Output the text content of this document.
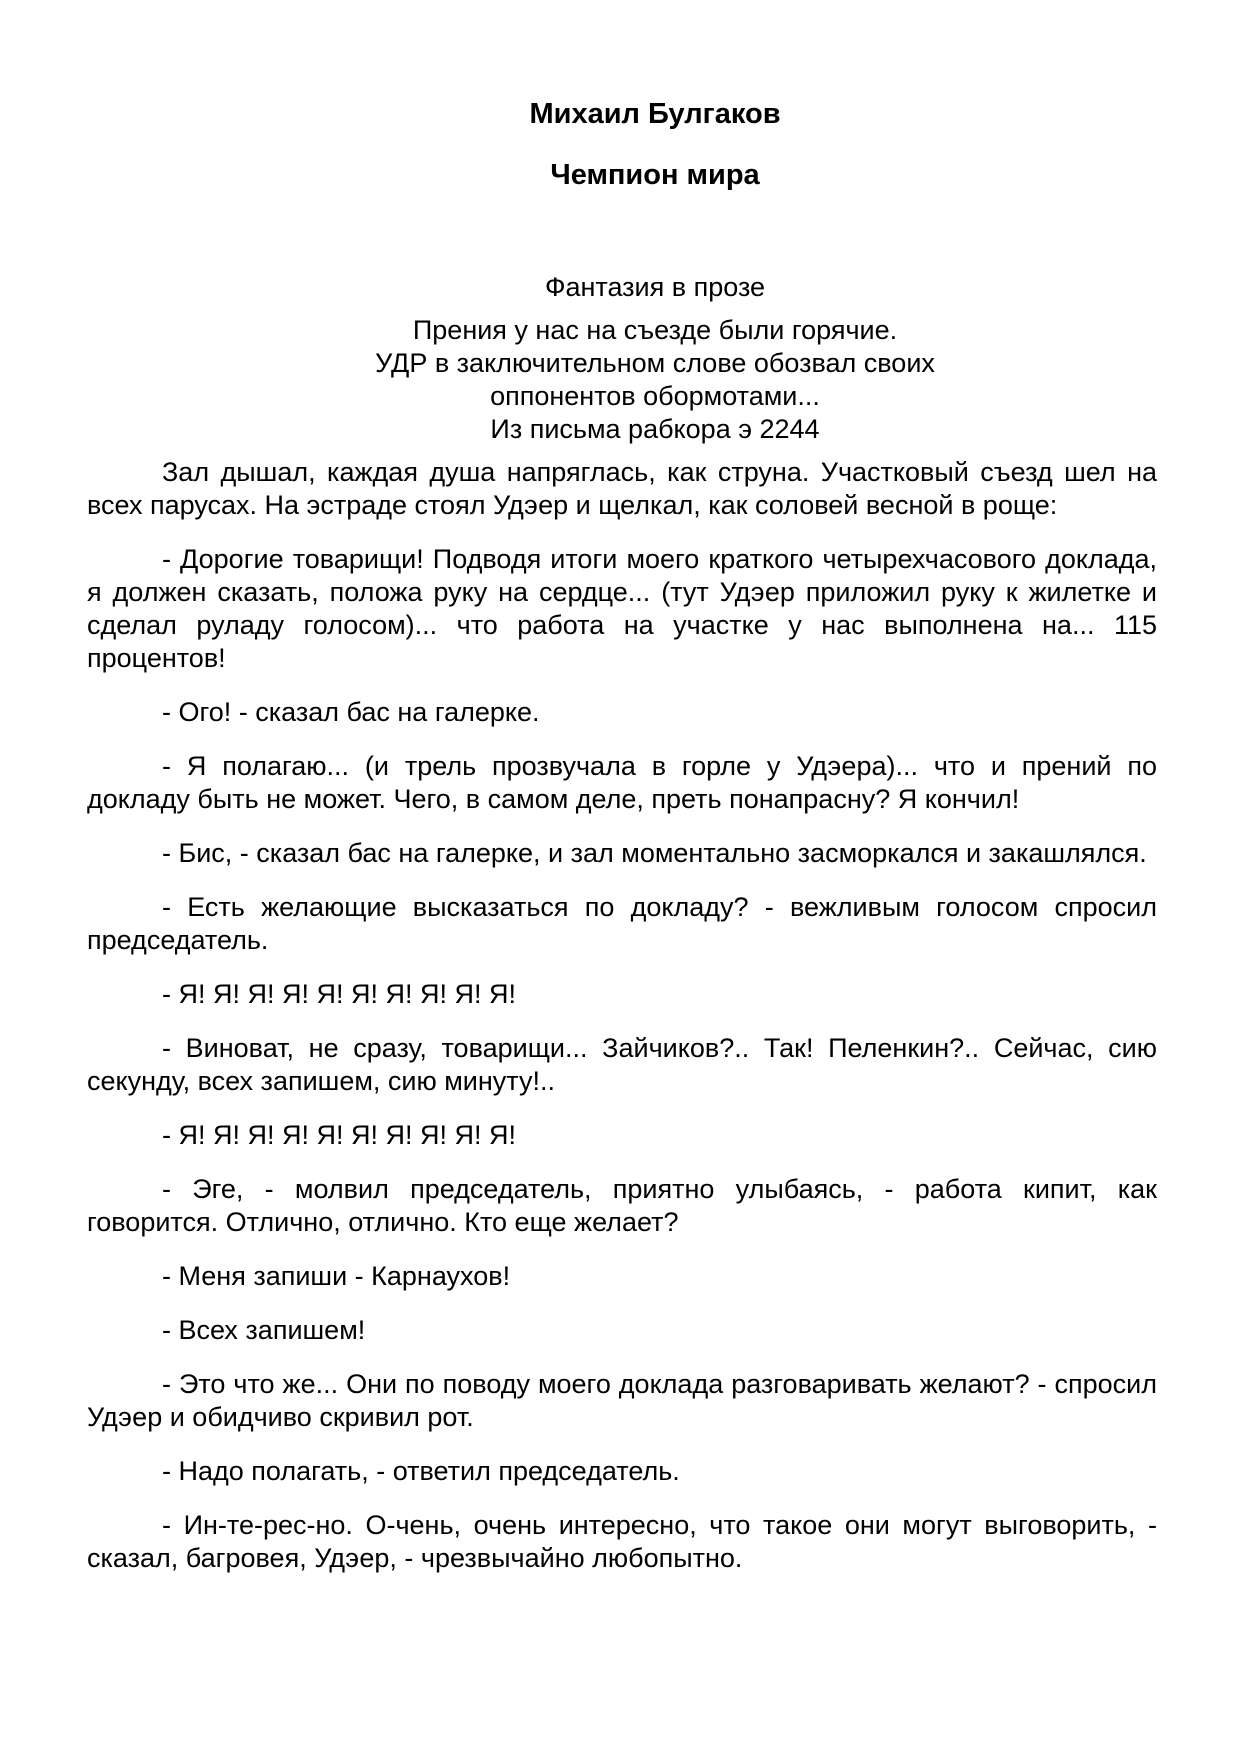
Михаил Булгаков
Чемпион мира
Фантазия в прозе
Прения у нас на съезде были горячие.
УДР в заключительном слове обозвал своих
оппонентов обормотами...
Из письма рабкора э 2244

Зал дышал, каждая душа напряглась, как струна. Участковый съезд шел на всех парусах. На эстраде стоял Удэер и щелкал, как соловей весной в роще:

- Дорогие товарищи! Подводя итоги моего краткого четырехчасового доклада, я должен сказать, положа руку на сердце... (тут Удэер приложил руку к жилетке и сделал руладу голосом)... что работа на участке у нас выполнена на... 115 процентов!

- Ого! - сказал бас на галерке.

- Я полагаю... (и трель прозвучала в горле у Удэера)... что и прений по докладу быть не может. Чего, в самом деле, преть понапрасну? Я кончил!

- Бис, - сказал бас на галерке, и зал моментально засморкался и закашлялся.

- Есть желающие высказаться по докладу? - вежливым голосом спросил председатель.

- Я! Я! Я! Я! Я! Я! Я! Я! Я! Я!

- Виноват, не сразу, товарищи... Зайчиков?.. Так! Пеленкин?.. Сейчас, сию секунду, всех запишем, сию минуту!..

- Я! Я! Я! Я! Я! Я! Я! Я! Я! Я!

- Эге, - молвил председатель, приятно улыбаясь, - работа кипит, как говорится. Отлично, отлично. Кто еще желает?

- Меня запиши - Карнаухов!

- Всех запишем!

- Это что же... Они по поводу моего доклада разговаривать желают? - спросил Удэер и обидчиво скривил рот.

- Надо полагать, - ответил председатель.

- Ин-те-рес-но. О-чень, очень интересно, что такое они могут выговорить, - сказал, багровея, Удэер, - чрезвычайно любопытно.
